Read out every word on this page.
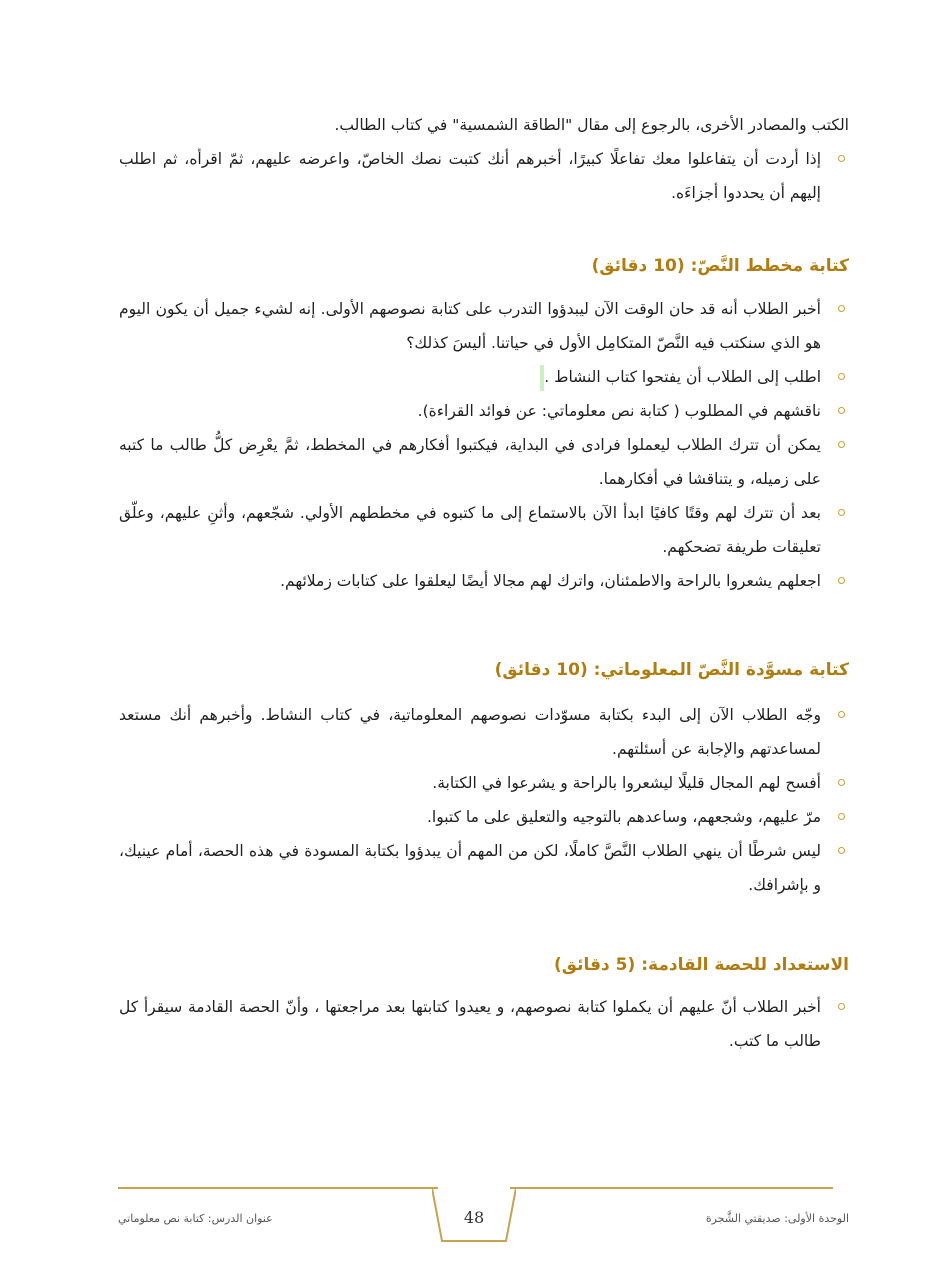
الكتب والمصادر الأخرى، بالرجوع إلى مقال "الطاقة الشمسية" في كتاب الطالب.

إذا أردت أن يتفاعلوا معك تفاعلًا كبيرًا، أخبرهم أنك كتبت نصك الخاصّ، واعرضه عليهم، ثمّ اقرأه، ثم اطلب إليهم أن يحددوا أجزاءَه.
كتابة مخطط النَّصّ: (10 دقائق)
أخبر الطلاب أنه قد حان الوقت الآن ليبدؤوا التدرب على كتابة نصوصهم الأولى. إنه لشيء جميل أن يكون اليوم هو الذي سنكتب فيه النَّصّ المتكامِل الأول في حياتنا. أليسَ كذلك؟
اطلب إلى الطلاب أن يفتحوا كتاب النشاط .
ناقشهم في المطلوب ( كتابة نص معلوماتي: عن فوائد القراءة).
يمكن أن تترك الطلاب ليعملوا فرادى في البداية، فيكتبوا أفكارهم في المخطط، ثمَّ يعْرِض كلُّ طالب ما كتبه على زميله، و يتناقشا في أفكارهما.
بعد أن تترك لهم وقتًا كافيًا ابدأ الآن بالاستماع إلى ما كتبوه في مخططهم الأولي. شجّعهم، وأثنِ عليهم، وعلّق تعليقات طريفة تضحكهم.
اجعلهم يشعروا بالراحة والاطمئنان، واترك لهم مجالا أيضًا ليعلقوا على كتابات زملائهم.
كتابة مسوَّدة النَّصّ المعلوماتي: (10 دقائق)
وجّه الطلاب الآن إلى البدء بكتابة مسوّدات نصوصهم المعلوماتية، في كتاب النشاط. وأخبرهم أنك مستعد لمساعدتهم والإجابة عن أسئلتهم.
أفسح لهم المجال قليلًا ليشعروا بالراحة و يشرعوا في الكتابة.
مرّ عليهم، وشجعهم، وساعدهم بالتوجيه والتعليق على ما كتبوا.
ليس شرطًا أن ينهي الطلاب النَّصَّ كاملًا، لكن من المهم أن يبدؤوا بكتابة المسودة في هذه الحصة، أمام عينيك، و بإشرافك.
الاستعداد للحصة القادمة: (5 دقائق)
أخبر الطلاب أنّ عليهم أن يكملوا كتابة نصوصهم، و يعيدوا كتابتها بعد مراجعتها ، وأنّ الحصة القادمة سيقرأ كل طالب ما كتب.
48	الوحدة الأولى: صديقتي الشَّجرة
عنوان الدرس: كتابة نص معلوماتي
